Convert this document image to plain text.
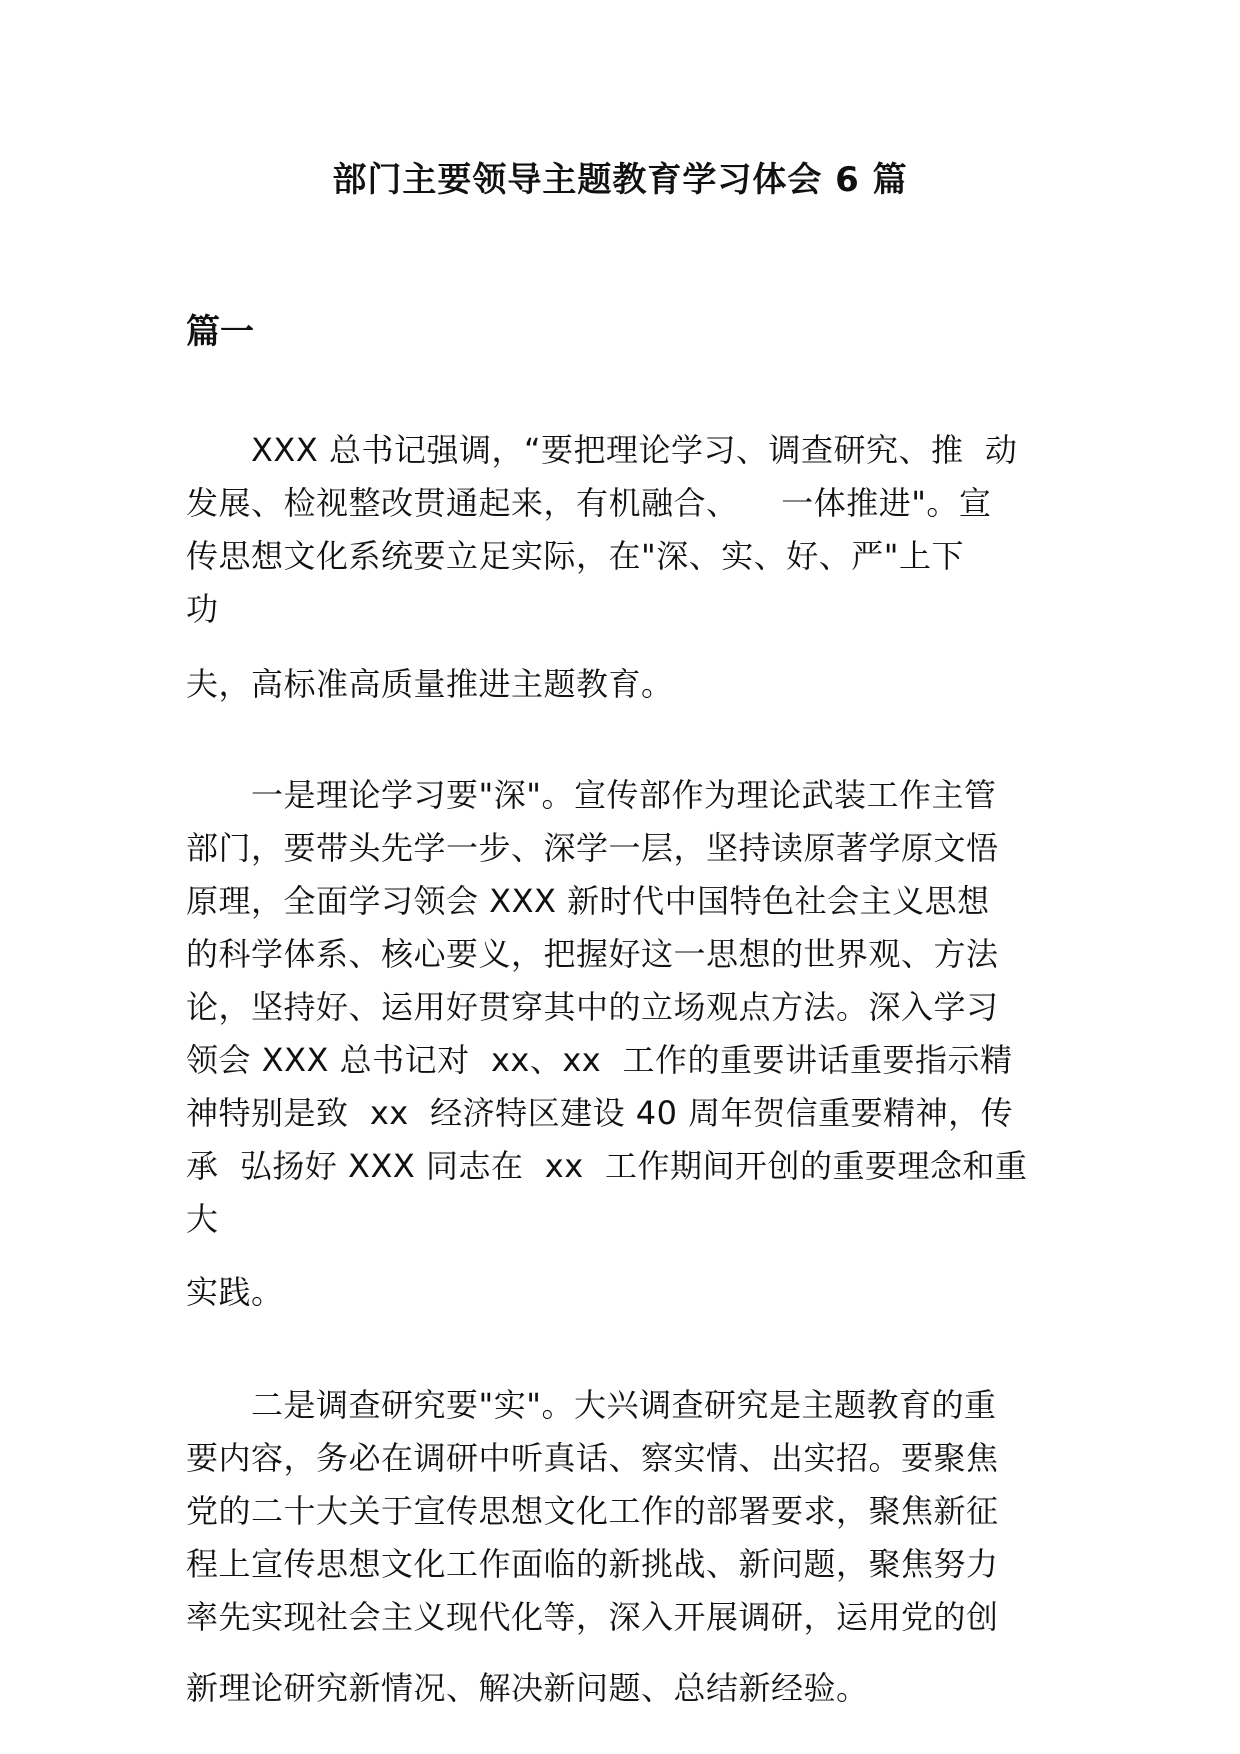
部门主要领导主题教育学习体会 6 篇
篇一
　　XXX 总书记强调，“要把理论学习、调查研究、推  动
发展、检视整改贯通起来，有机融合、    一体推进"。宣
传思想文化系统要立足实际，在"深、实、好、严"上下
功
夫，高标准高质量推进主题教育。
　　一是理论学习要"深"。宣传部作为理论武装工作主管
部门，要带头先学一步、深学一层，坚持读原著学原文悟
原理，全面学习领会 XXX 新时代中国特色社会主义思想
的科学体系、核心要义，把握好这一思想的世界观、方法
论，坚持好、运用好贯穿其中的立场观点方法。深入学习
领会 XXX 总书记对  xx、xx  工作的重要讲话重要指示精
神特别是致  xx  经济特区建设 40 周年贺信重要精神，传
承  弘扬好 XXX 同志在  xx  工作期间开创的重要理念和重
大
实践。
　　二是调查研究要"实"。大兴调查研究是主题教育的重
要内容，务必在调研中听真话、察实情、出实招。要聚焦
党的二十大关于宣传思想文化工作的部署要求，聚焦新征
程上宣传思想文化工作面临的新挑战、新问题，聚焦努力
率先实现社会主义现代化等，深入开展调研，运用党的创
新理论研究新情况、解决新问题、总结新经验。
